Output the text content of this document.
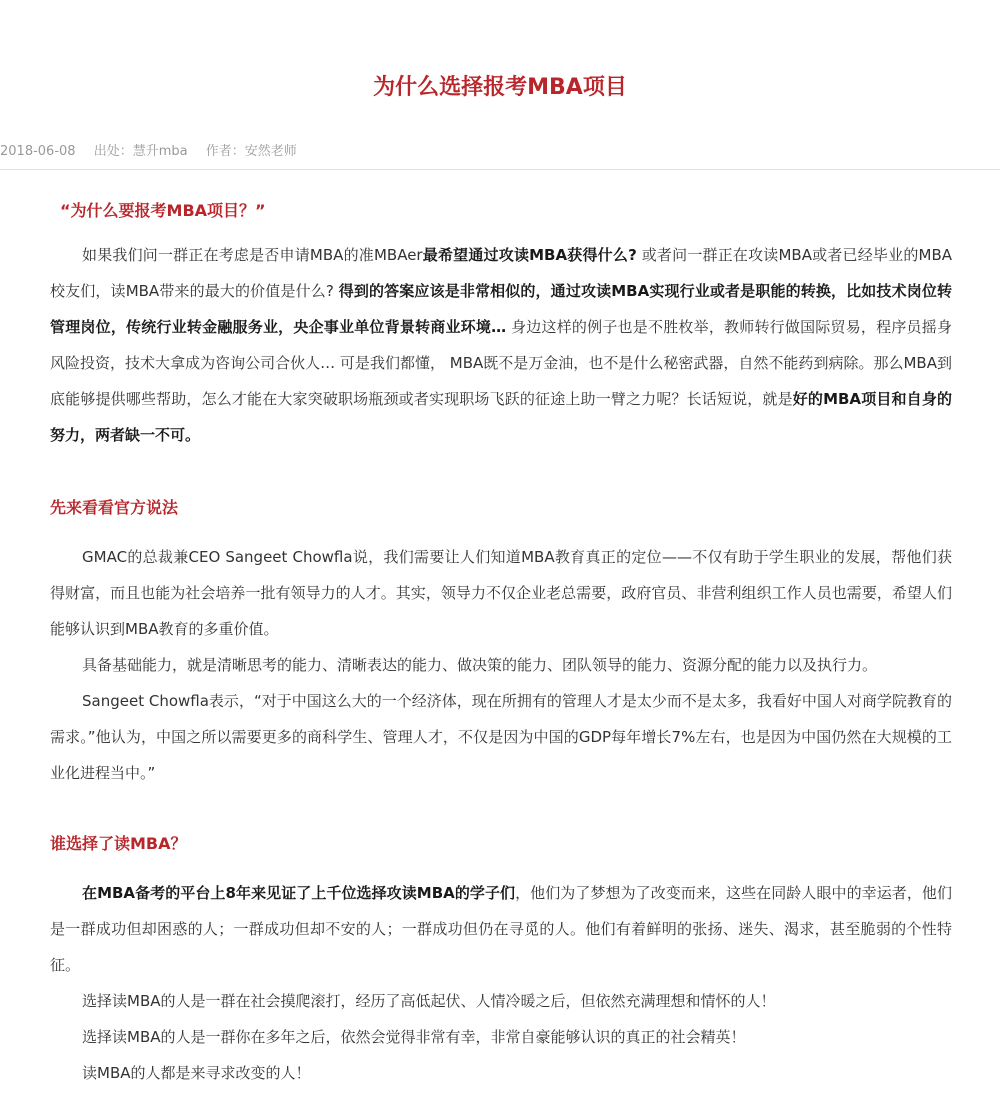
为什么选择报考MBA项目
2018-06-08 出处：慧升mba 作者：安然老师
“为什么要报考MBA项目？”

如果我们问一群正在考虑是否申请MBA的准MBAer最希望通过攻读MBA获得什么? 或者问一群正在攻读MBA或者已经毕业的MBA校友们，读MBA带来的最大的价值是什么? 得到的答案应该是非常相似的，通过攻读MBA实现行业或者是职能的转换，比如技术岗位转管理岗位，传统行业转金融服务业，央企事业单位背景转商业环境… 身边这样的例子也是不胜枚举，教师转行做国际贸易，程序员摇身风险投资，技术大拿成为咨询公司合伙人… 可是我们都懂， MBA既不是万金油，也不是什么秘密武器，自然不能药到病除。那么MBA到底能够提供哪些帮助，怎么才能在大家突破职场瓶颈或者实现职场飞跃的征途上助一臂之力呢？长话短说，就是好的MBA项目和自身的努力，两者缺一不可。

先来看看官方说法

GMAC的总裁兼CEO Sangeet Chowfla说，我们需要让人们知道MBA教育真正的定位——不仅有助于学生职业的发展，帮他们获得财富，而且也能为社会培养一批有领导力的人才。其实，领导力不仅企业老总需要，政府官员、非营利组织工作人员也需要，希望人们能够认识到MBA教育的多重价值。

具备基础能力，就是清晰思考的能力、清晰表达的能力、做决策的能力、团队领导的能力、资源分配的能力以及执行力。

Sangeet Chowfla表示，“对于中国这么大的一个经济体，现在所拥有的管理人才是太少而不是太多，我看好中国人对商学院教育的需求。”他认为，中国之所以需要更多的商科学生、管理人才，不仅是因为中国的GDP每年增长7%左右，也是因为中国仍然在大规模的工业化进程当中。”

谁选择了读MBA？

在MBA备考的平台上8年来见证了上千位选择攻读MBA的学子们，他们为了梦想为了改变而来，这些在同龄人眼中的幸运者，他们是一群成功但却困惑的人；一群成功但却不安的人；一群成功但仍在寻觅的人。他们有着鲜明的张扬、迷失、渴求，甚至脆弱的个性特征。

选择读MBA的人是一群在社会摸爬滚打，经历了高低起伏、人情冷暖之后，但依然充满理想和情怀的人！

选择读MBA的人是一群你在多年之后，依然会觉得非常有幸，非常自豪能够认识的真正的社会精英！

读MBA的人都是来寻求改变的人！
